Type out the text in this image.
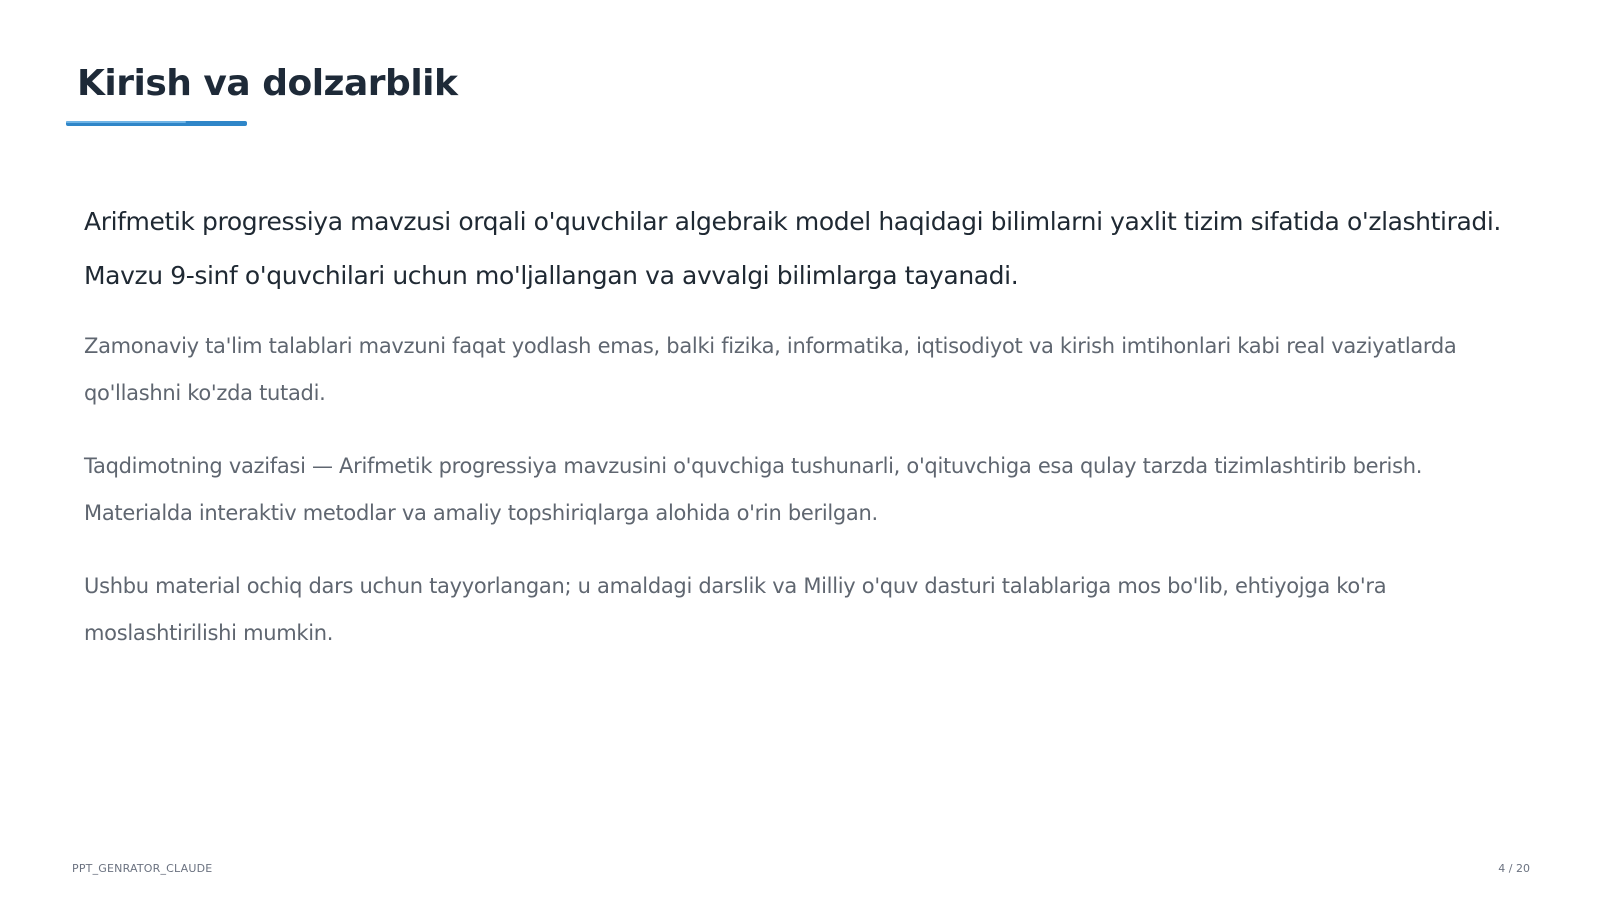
Kirish va dolzarblik

Arifmetik progressiya mavzusi orqali o'quvchilar algebraik model haqidagi bilimlarni yaxlit tizim sifatida o'zlashtiradi. Mavzu 9-sinf o'quvchilari uchun mo'ljallangan va avvalgi bilimlarga tayanadi.

Zamonaviy ta'lim talablari mavzuni faqat yodlash emas, balki fizika, informatika, iqtisodiyot va kirish imtihonlari kabi real vaziyatlarda qo'llashni ko'zda tutadi.

Taqdimotning vazifasi — Arifmetik progressiya mavzusini o'quvchiga tushunarli, o'qituvchiga esa qulay tarzda tizimlashtirib berish. Materialda interaktiv metodlar va amaliy topshiriqlarga alohida o'rin berilgan.

Ushbu material ochiq dars uchun tayyorlangan; u amaldagi darslik va Milliy o'quv dasturi talablariga mos bo'lib, ehtiyojga ko'ra moslashtirilishi mumkin.

PPT_GENRATOR_CLAUDE	4 / 20
